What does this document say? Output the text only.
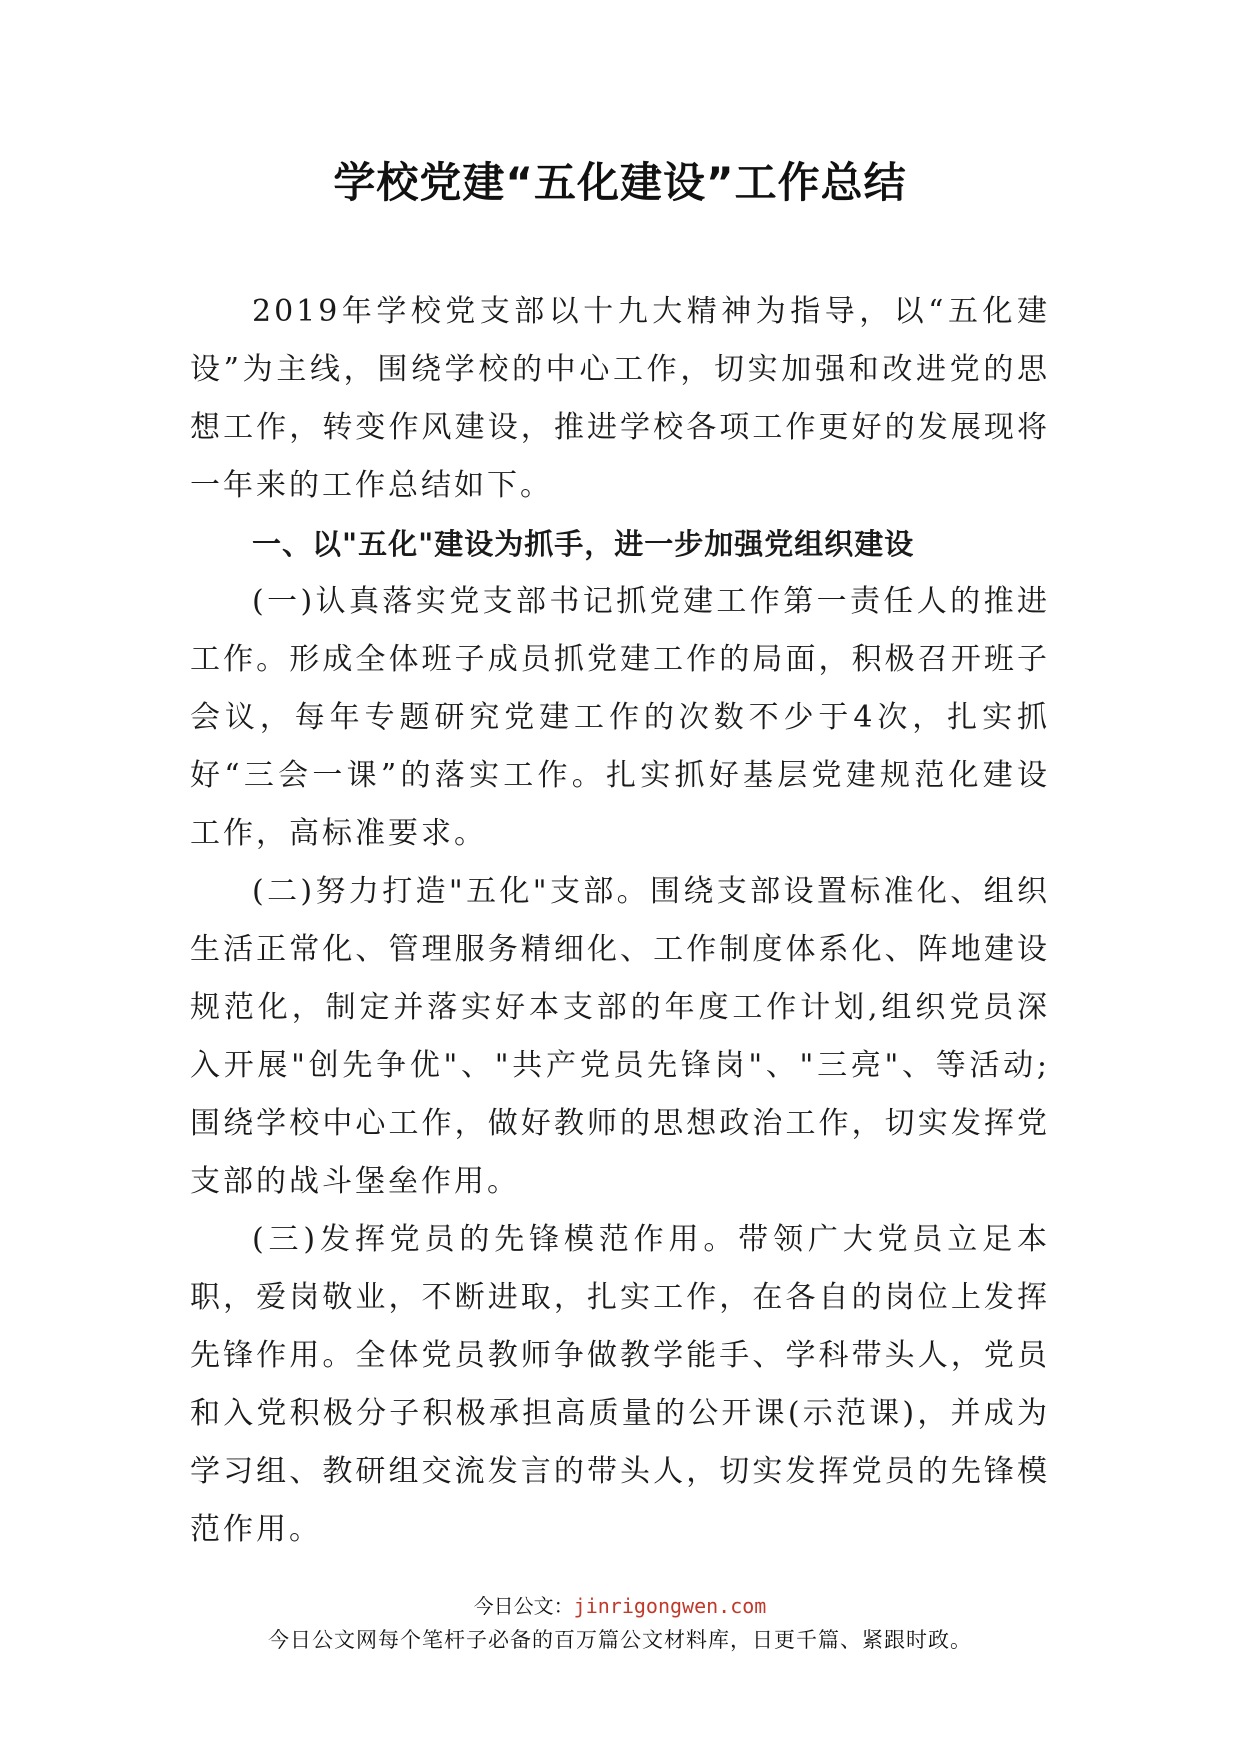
学校党建“五化建设”工作总结

2019年学校党支部以十九大精神为指导，以“五化建设”为主线，围绕学校的中心工作，切实加强和改进党的思想工作，转变作风建设，推进学校各项工作更好的发展现将一年来的工作总结如下。

一、以"五化"建设为抓手，进一步加强党组织建设

(一)认真落实党支部书记抓党建工作第一责任人的推进工作。形成全体班子成员抓党建工作的局面，积极召开班子会议，每年专题研究党建工作的次数不少于4次，扎实抓好“三会一课”的落实工作。扎实抓好基层党建规范化建设工作，高标准要求。

(二)努力打造"五化"支部。围绕支部设置标准化、组织生活正常化、管理服务精细化、工作制度体系化、阵地建设规范化，制定并落实好本支部的年度工作计划,组织党员深入开展"创先争优"、"共产党员先锋岗"、"三亮"、等活动;围绕学校中心工作，做好教师的思想政治工作，切实发挥党支部的战斗堡垒作用。

(三)发挥党员的先锋模范作用。带领广大党员立足本职，爱岗敬业，不断进取，扎实工作，在各自的岗位上发挥先锋作用。全体党员教师争做教学能手、学科带头人，党员和入党积极分子积极承担高质量的公开课(示范课)，并成为学习组、教研组交流发言的带头人，切实发挥党员的先锋模范作用。

今日公文：jinrigongwen.com
今日公文网每个笔杆子必备的百万篇公文材料库，日更千篇、紧跟时政。
